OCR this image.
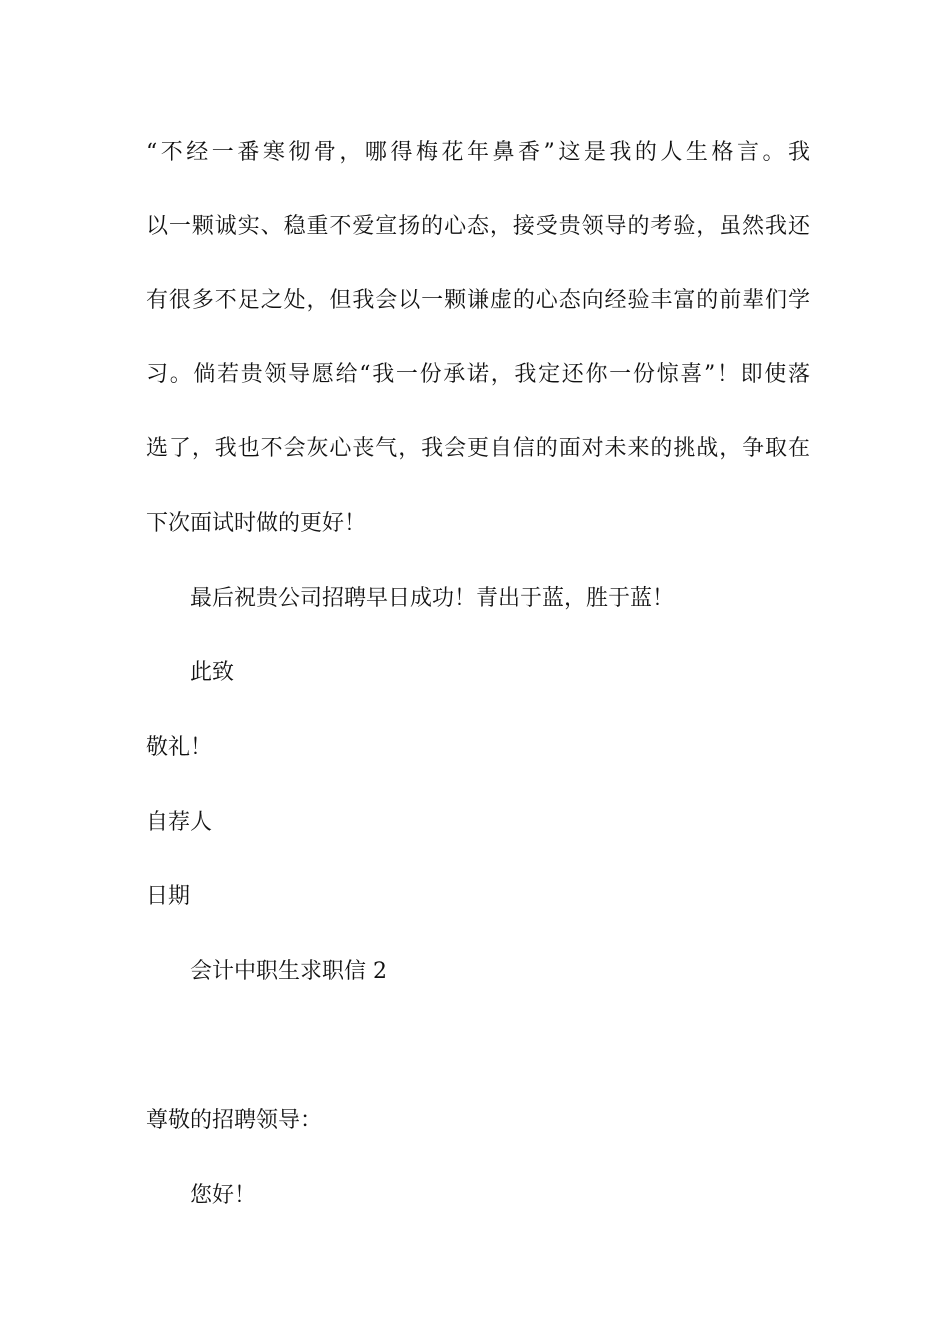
“不经一番寒彻骨，哪得梅花年鼻香”这是我的人生格言。我
以一颗诚实、稳重不爱宣扬的心态，接受贵领导的考验，虽然我还
有很多不足之处，但我会以一颗谦虚的心态向经验丰富的前辈们学
习。倘若贵领导愿给“我一份承诺，我定还你一份惊喜”！即使落
选了，我也不会灰心丧气，我会更自信的面对未来的挑战，争取在
下次面试时做的更好！
最后祝贵公司招聘早日成功！青出于蓝，胜于蓝！
此致
敬礼！
自荐人
日期
会计中职生求职信 2
尊敬的招聘领导：
您好！
